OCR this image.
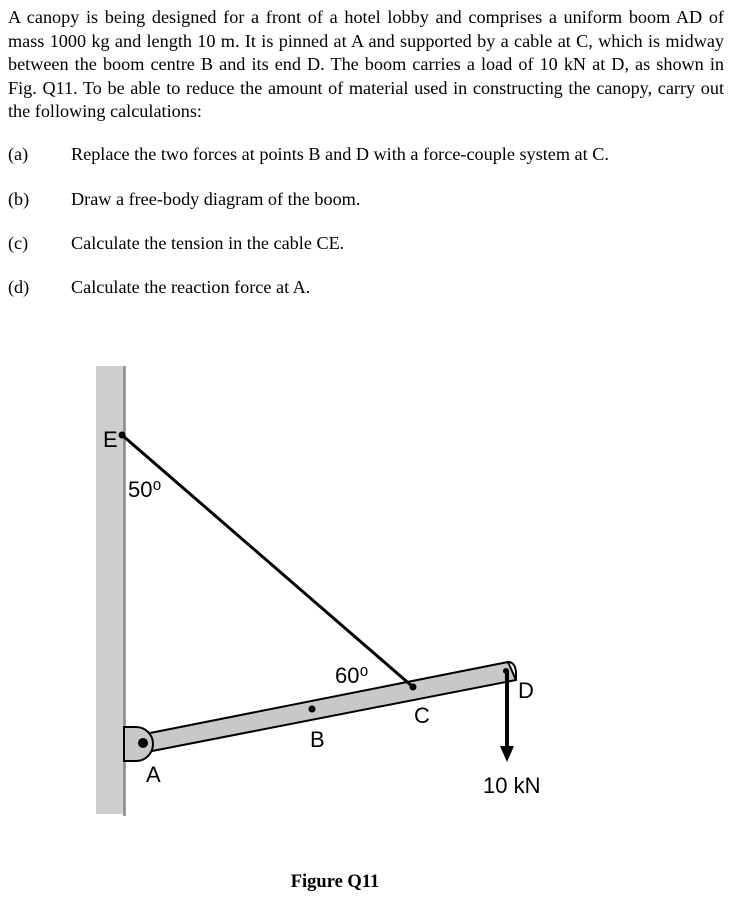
A canopy is being designed for a front of a hotel lobby and comprises a uniform boom AD of mass 1000 kg and length 10 m. It is pinned at A and supported by a cable at C, which is midway between the boom centre B and its end D. The boom carries a load of 10 kN at D, as shown in Fig. Q11. To be able to reduce the amount of material used in constructing the canopy, carry out the following calculations:

(a) Replace the two forces at points B and D with a force-couple system at C.
(b) Draw a free-body diagram of the boom.
(c) Calculate the tension in the cable CE.
(d) Calculate the reaction force at A.
E
50⁰
60⁰
A
B
C
D
10 kN
Figure Q11
